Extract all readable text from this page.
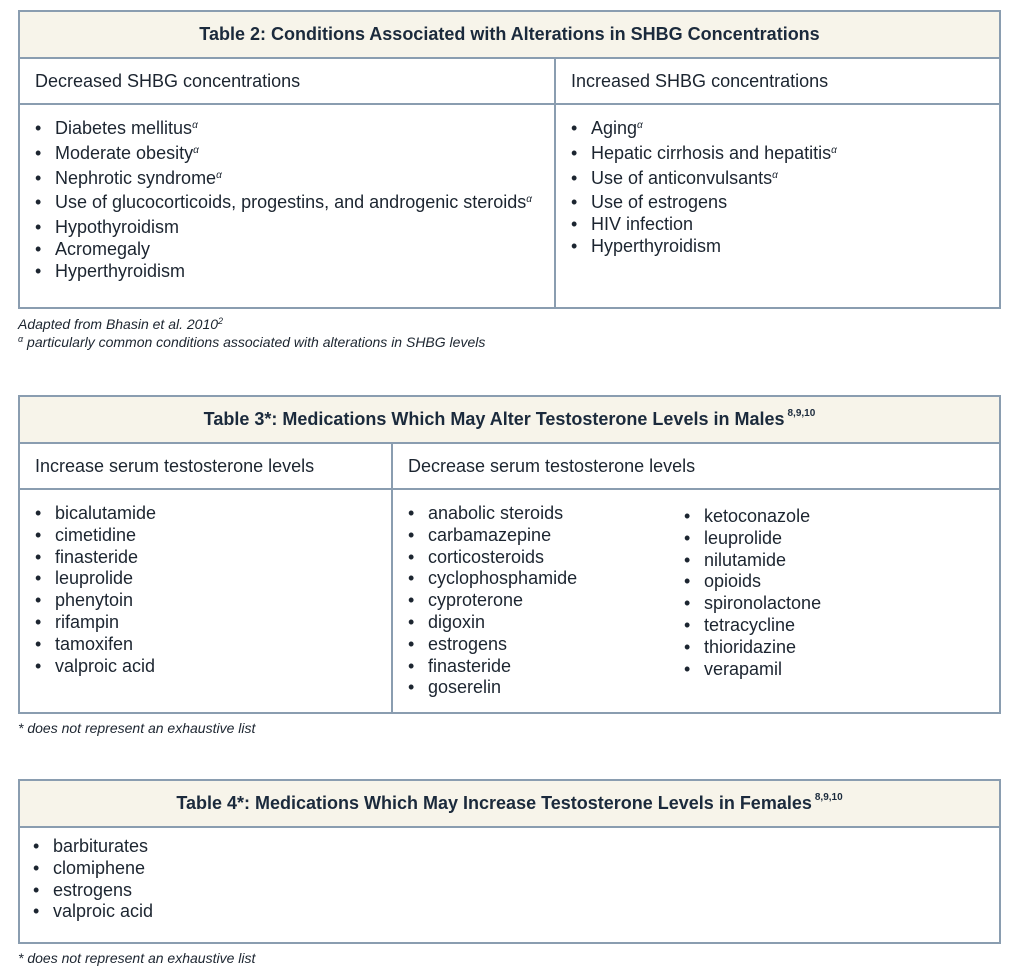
Table 2: Conditions Associated with Alterations in SHBG Concentrations
Decreased SHBG concentrations	Increased SHBG concentrations
• Diabetes mellitus$^\alpha$
• Moderate obesity$^\alpha$
• Nephrotic syndrome$^\alpha$
• Use of glucocorticoids, progestins, and androgenic steroids$^\alpha$
• Hypothyroidism
• Acromegaly
• Hyperthyroidism
• Aging$^\alpha$
• Hepatic cirrhosis and hepatitis$^\alpha$
• Use of anticonvulsants$^\alpha$
• Use of estrogens
• HIV infection
• Hyperthyroidism
Adapted from Bhasin et al. 2010$^2$
$^\alpha$ particularly common conditions associated with alterations in SHBG levels
Table 3*: Medications Which May Alter Testosterone Levels in Males $^{8,9,10}$
Increase serum testosterone levels	Decrease serum testosterone levels
• bicalutamide
• cimetidine
• finasteride
• leuprolide
• phenytoin
• rifampin
• tamoxifen
• valproic acid
• anabolic steroids
• carbamazepine
• corticosteroids
• cyclophosphamide
• cyproterone
• digoxin
• estrogens
• finasteride
• goserelin
• ketoconazole
• leuprolide
• nilutamide
• opioids
• spironolactone
• tetracycline
• thioridazine
• verapamil
* does not represent an exhaustive list
Table 4*: Medications Which May Increase Testosterone Levels in Females $^{8,9,10}$
• barbiturates
• clomiphene
• estrogens
• valproic acid
* does not represent an exhaustive list
